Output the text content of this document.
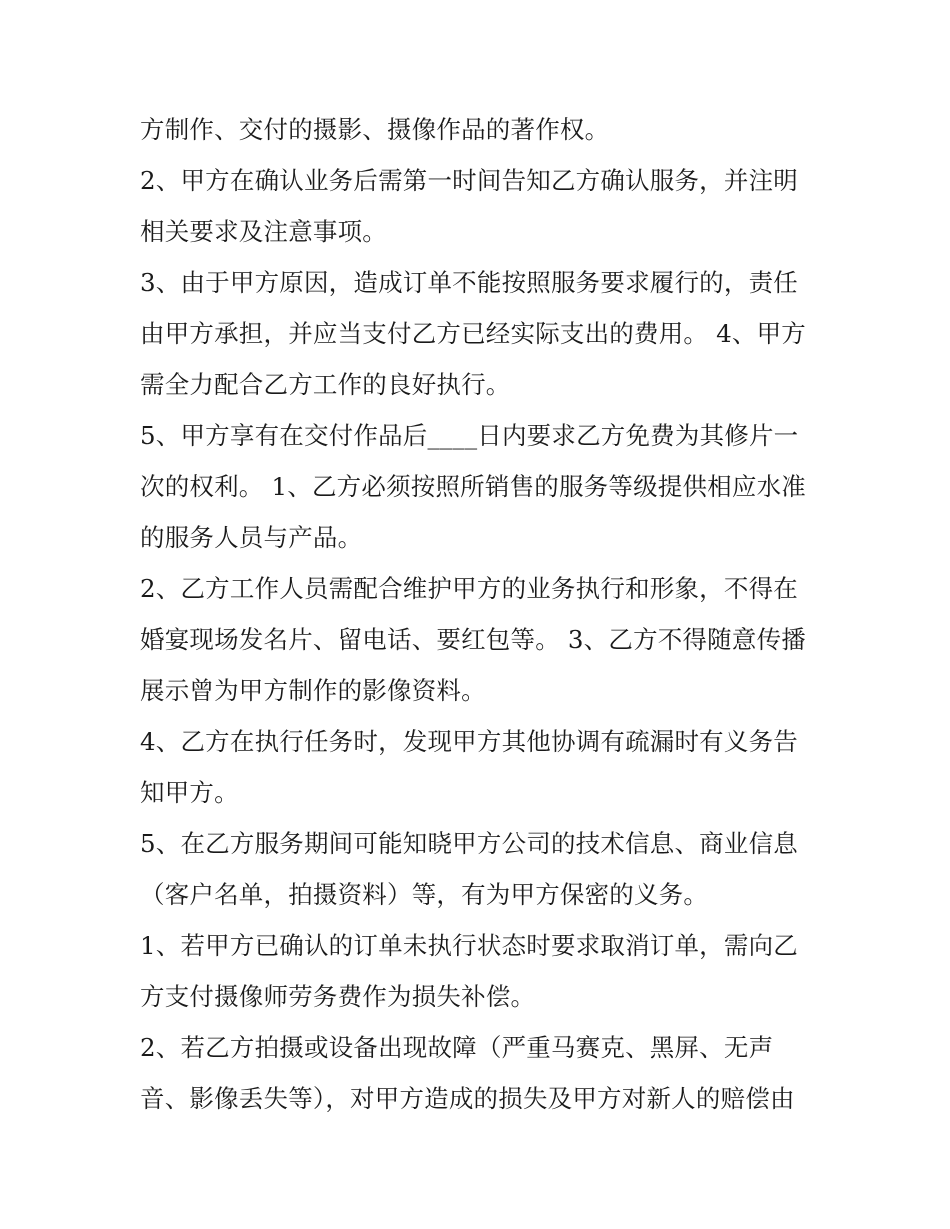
方制作、交付的摄影、摄像作品的著作权。
2、甲方在确认业务后需第一时间告知乙方确认服务，并注明
相关要求及注意事项。
3、由于甲方原因，造成订单不能按照服务要求履行的，责任
由甲方承担，并应当支付乙方已经实际支出的费用。 4、甲方
需全力配合乙方工作的良好执行。
5、甲方享有在交付作品后____日内要求乙方免费为其修片一
次的权利。 1、乙方必须按照所销售的服务等级提供相应水准
的服务人员与产品。
2、乙方工作人员需配合维护甲方的业务执行和形象，不得在
婚宴现场发名片、留电话、要红包等。 3、乙方不得随意传播
展示曾为甲方制作的影像资料。
4、乙方在执行任务时，发现甲方其他协调有疏漏时有义务告
知甲方。
5、在乙方服务期间可能知晓甲方公司的技术信息、商业信息
（客户名单，拍摄资料）等，有为甲方保密的义务。
1、若甲方已确认的订单未执行状态时要求取消订单，需向乙
方支付摄像师劳务费作为损失补偿。
2、若乙方拍摄或设备出现故障（严重马赛克、黑屏、无声
音、影像丢失等），对甲方造成的损失及甲方对新人的赔偿由
